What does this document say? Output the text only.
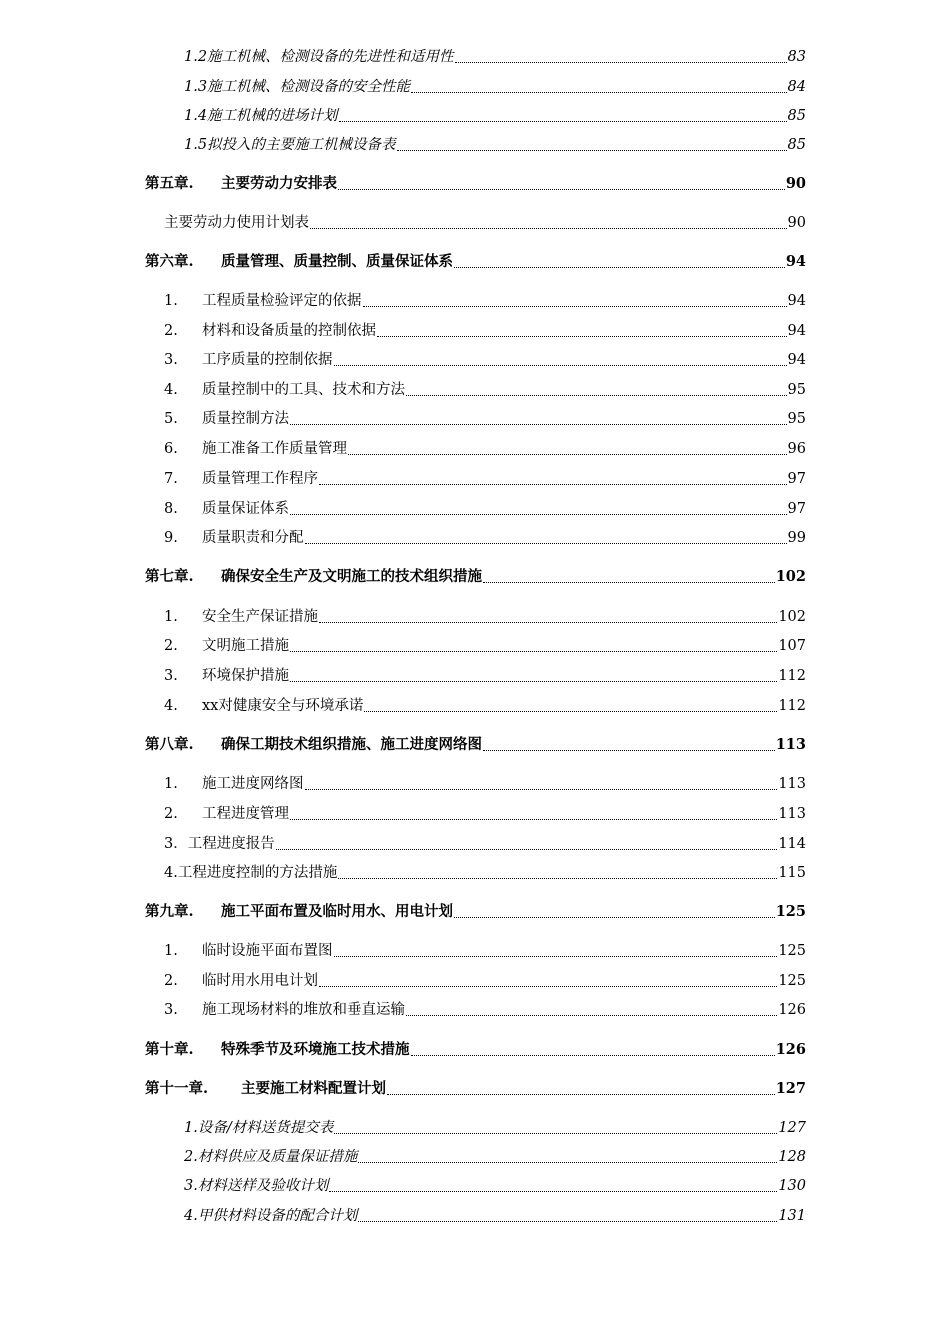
1.2施工机械、检测设备的先进性和适用性	83
1.3施工机械、检测设备的安全性能	84
1.4施工机械的进场计划	85
1.5拟投入的主要施工机械设备表	85
第五章.	主要劳动力安排表	90
主要劳动力使用计划表	90
第六章.	质量管理、质量控制、质量保证体系	94
1.	工程质量检验评定的依据	94
2.	材料和设备质量的控制依据	94
3.	工序质量的控制依据	94
4.	质量控制中的工具、技术和方法	95
5.	质量控制方法	95
6.	施工准备工作质量管理	96
7.	质量管理工作程序	97
8.	质量保证体系	97
9.	质量职责和分配	99
第七章.	确保安全生产及文明施工的技术组织措施	102
1.	安全生产保证措施	102
2.	文明施工措施	107
3.	环境保护措施	112
4.	xx对健康安全与环境承诺	112
第八章.	确保工期技术组织措施、施工进度网络图	113
1.	施工进度网络图	113
2.	工程进度管理	113
3．工程进度报告	114
4.工程进度控制的方法措施	115
第九章.	施工平面布置及临时用水、用电计划	125
1.	临时设施平面布置图	125
2.	临时用水用电计划	125
3.	施工现场材料的堆放和垂直运输	126
第十章.	特殊季节及环境施工技术措施	126
第十一章.	主要施工材料配置计划	127
1.设备/材料送货提交表	127
2.材料供应及质量保证措施	128
3.材料送样及验收计划	130
4.甲供材料设备的配合计划	131
